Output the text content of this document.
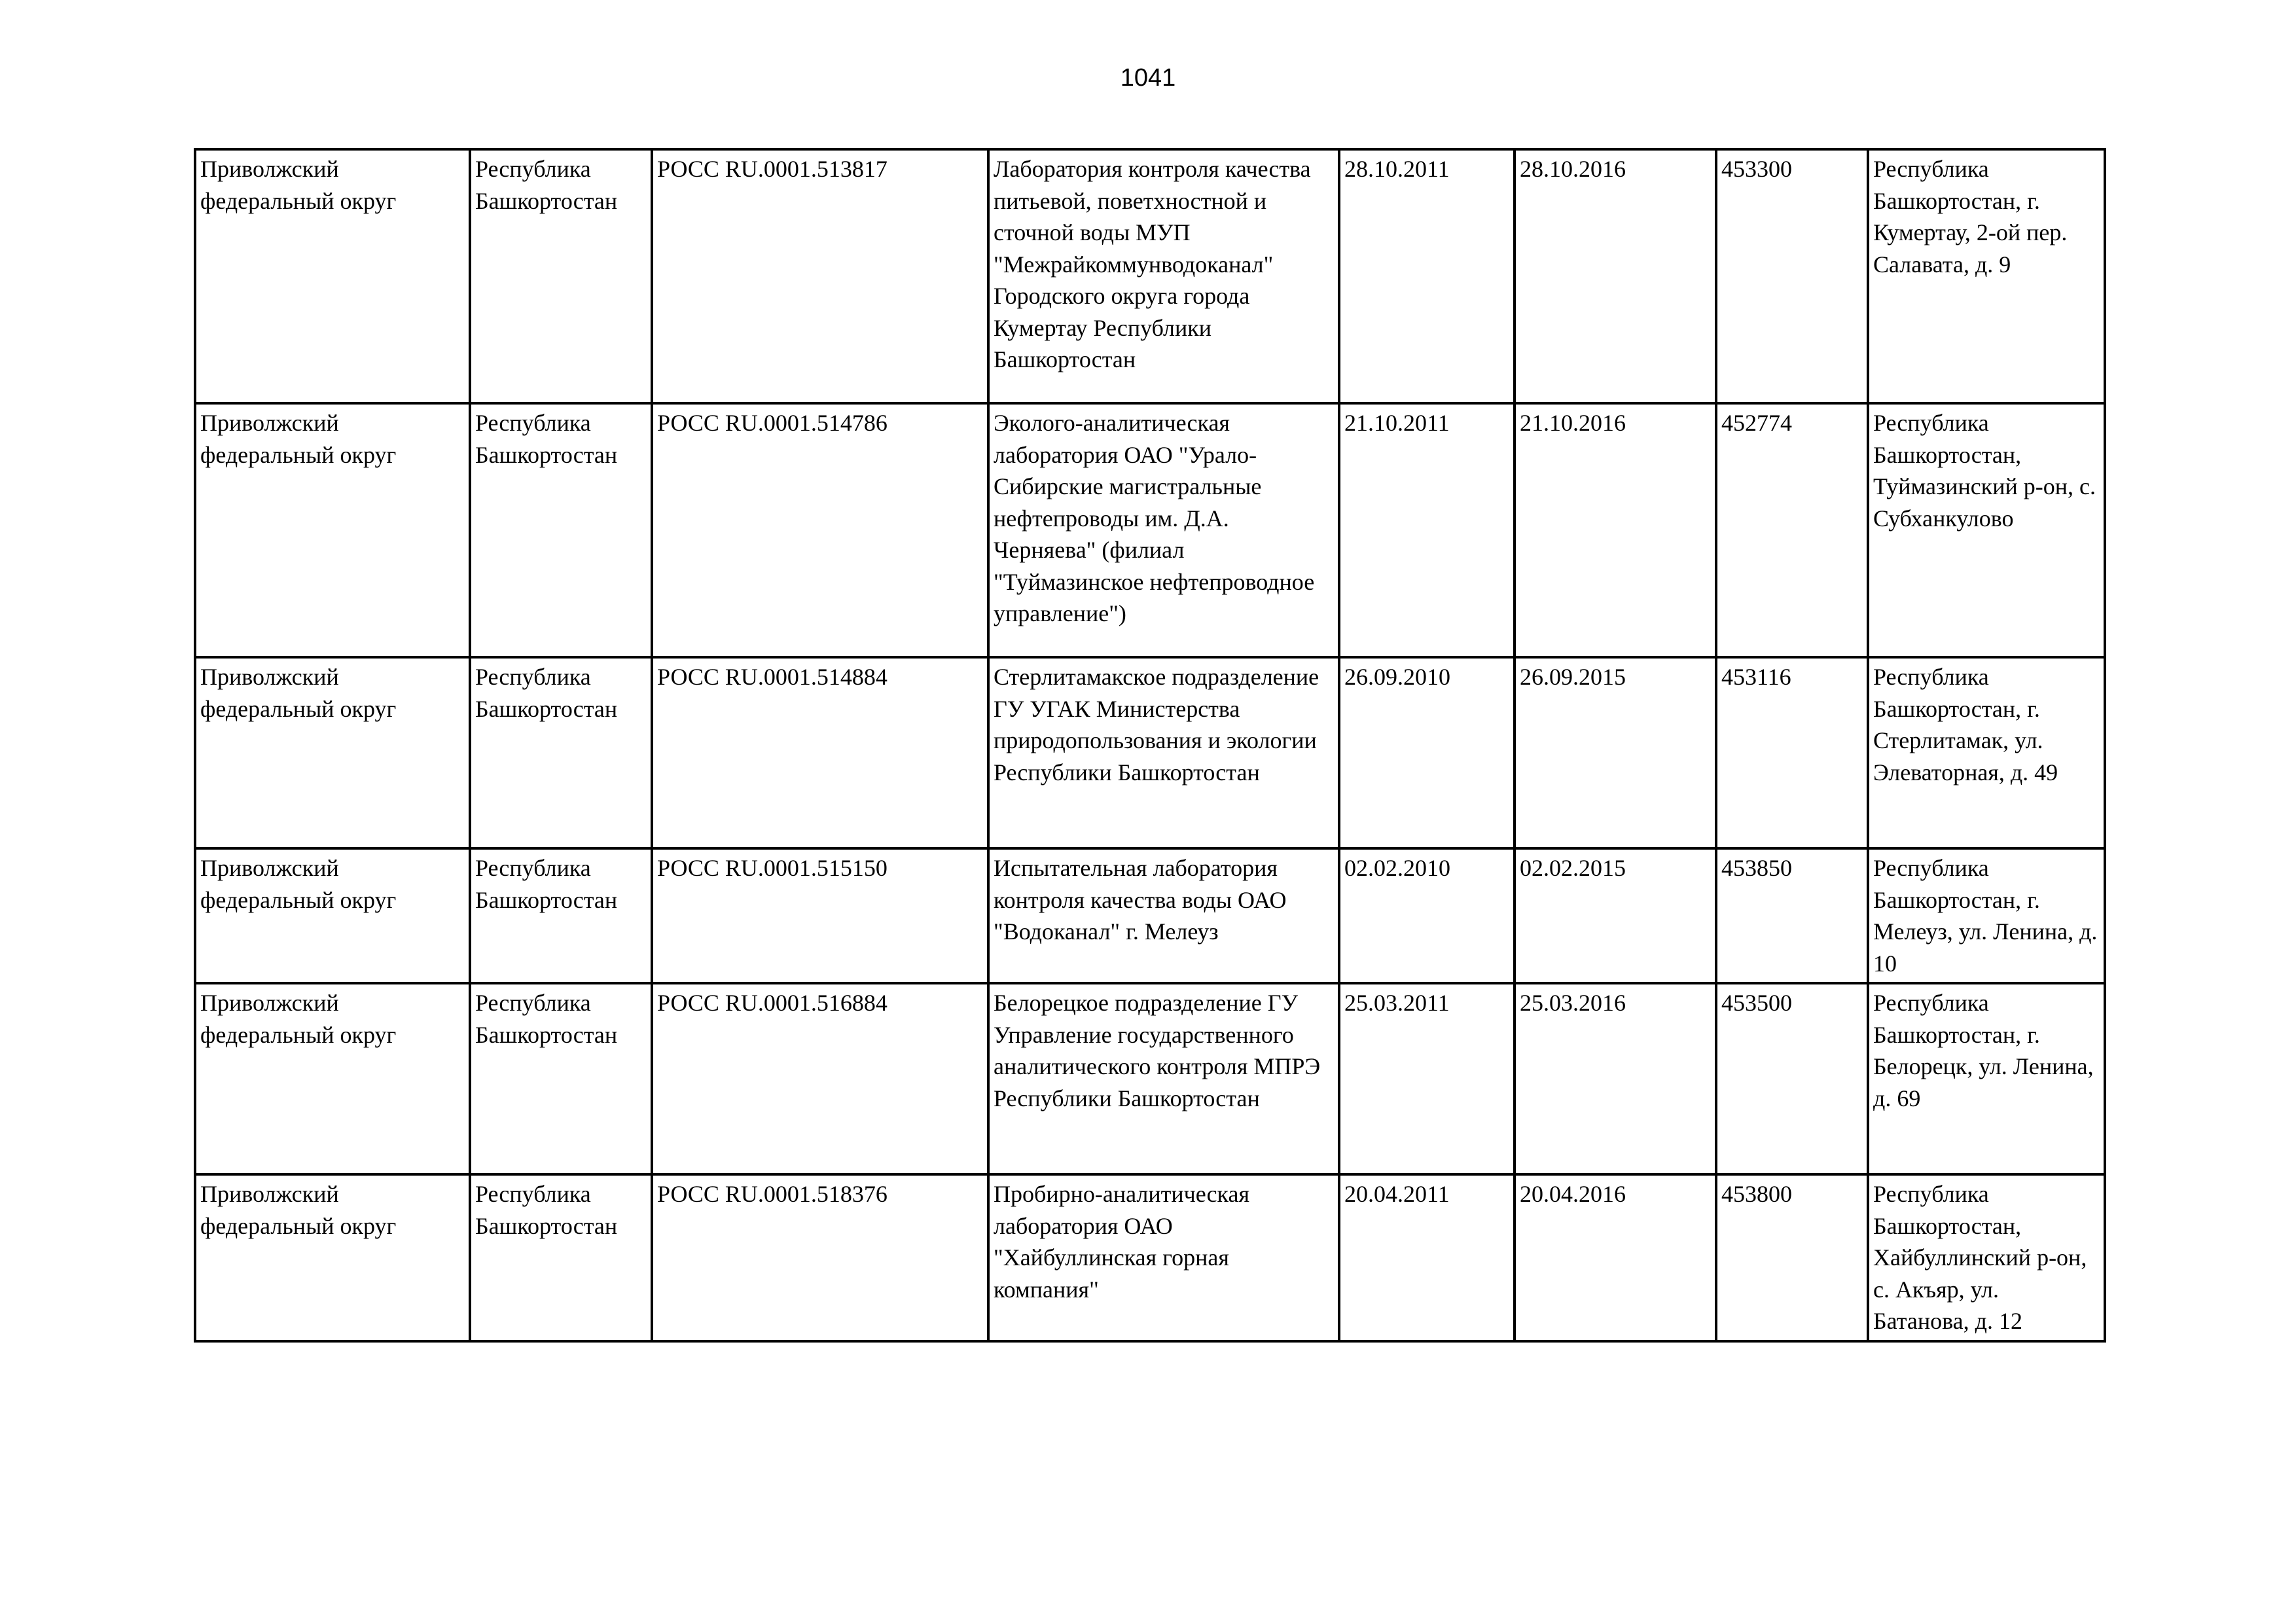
1041
Приволжский федеральный округ	Республика Башкортостан	РОСС RU.0001.513817	Лаборатория контроля качества питьевой, поветхностной и сточной воды МУП "Межрайкоммунводоканал" Городского округа города Кумертау Республики Башкортостан	28.10.2011	28.10.2016	453300	Республика Башкортостан, г. Кумертау, 2-ой пер. Салавата, д. 9
Приволжский федеральный округ	Республика Башкортостан	РОСС RU.0001.514786	Эколого-аналитическая лаборатория ОАО "Урало-Сибирские магистральные нефтепроводы им. Д.А. Черняева" (филиал "Туймазинское нефтепроводное управление")	21.10.2011	21.10.2016	452774	Республика Башкортостан, Туймазинский р-он, с. Субханкулово
Приволжский федеральный округ	Республика Башкортостан	РОСС RU.0001.514884	Стерлитамакское подразделение ГУ УГАК Министерства природопользования и экологии Республики Башкортостан	26.09.2010	26.09.2015	453116	Республика Башкортостан, г. Стерлитамак, ул. Элеваторная, д. 49
Приволжский федеральный округ	Республика Башкортостан	РОСС RU.0001.515150	Испытательная лаборатория контроля качества воды ОАО "Водоканал" г. Мелеуз	02.02.2010	02.02.2015	453850	Республика Башкортостан, г. Мелеуз, ул. Ленина, д. 10
Приволжский федеральный округ	Республика Башкортостан	РОСС RU.0001.516884	Белорецкое подразделение ГУ Управление государственного аналитического контроля МПРЭ Республики Башкортостан	25.03.2011	25.03.2016	453500	Республика Башкортостан, г. Белорецк, ул. Ленина, д. 69
Приволжский федеральный округ	Республика Башкортостан	РОСС RU.0001.518376	Пробирно-аналитическая лаборатория ОАО "Хайбуллинская горная компания"	20.04.2011	20.04.2016	453800	Республика Башкортостан, Хайбуллинский р-он, с. Акъяр, ул. Батанова, д. 12
